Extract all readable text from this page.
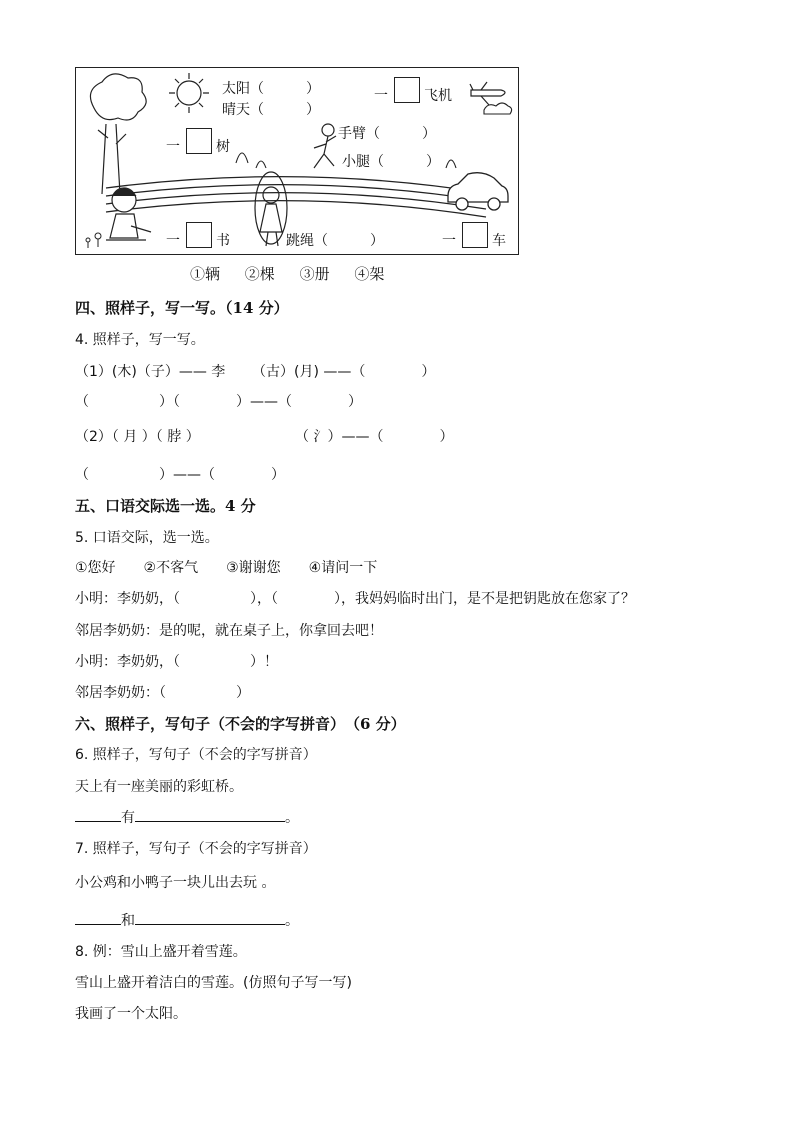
太阳（　　　）
晴天（　　　）
一	飞机
一	树
手臂（　　　）
小腿（　　　）
一	书	跳绳（　　　）	一	车
①辆 ②棵 ③册 ④架
四、照样子，写一写。（14 分）
4. 照样子，写一写。
（1）(木)（子）—— 李 （古）(月) ——（　　　　）
（　　　　　）（　　　　）——（　　　　）
（2）（ 月 ）（ 脖 ）	（ 氵）——（　　　　）
（　　　　　）——（　　　　）
五、口语交际选一选。4 分
5. 口语交际，选一选。
①您好　　②不客气　　③谢谢您　　④请问一下
小明：李奶奶，（　　　　　），（　　　　），我妈妈临时出门，是不是把钥匙放在您家了？
邻居李奶奶：是的呢，就在桌子上，你拿回去吧！
小明：李奶奶，（　　　　　）！
邻居李奶奶：（　　　　　）
六、照样子，写句子（不会的字写拼音）　（6 分）
6. 照样子，写句子（不会的字写拼音）
天上有一座美丽的彩虹桥。
有	。
7. 照样子，写句子（不会的字写拼音）
小公鸡和小鸭子一块儿出去玩 。
和	。
8. 例：雪山上盛开着雪莲。
雪山上盛开着洁白的雪莲。(仿照句子写一写)
我画了一个太阳。
